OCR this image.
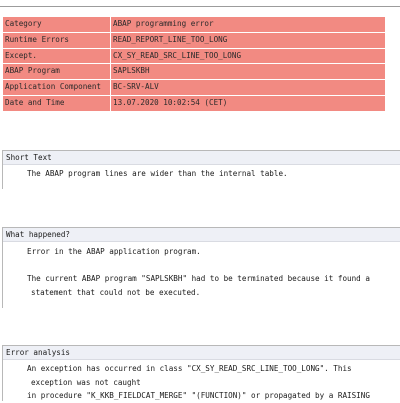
Category	ABAP programming error
Runtime Errors	READ_REPORT_LINE_TOO_LONG
Except.	CX_SY_READ_SRC_LINE_TOO_LONG
ABAP Program	SAPLSKBH
Application Component	BC-SRV-ALV
Date and Time	13.07.2020 10:02:54 (CET)
Short Text
The ABAP program lines are wider than the internal table.
What happened?
Error in the ABAP application program.
The current ABAP program "SAPLSKBH" had to be terminated because it found a
statement that could not be executed.
Error analysis
An exception has occurred in class "CX_SY_READ_SRC_LINE_TOO_LONG". This
exception was not caught
in procedure "K_KKB_FIELDCAT_MERGE" "(FUNCTION)" or propagated by a RAISING
